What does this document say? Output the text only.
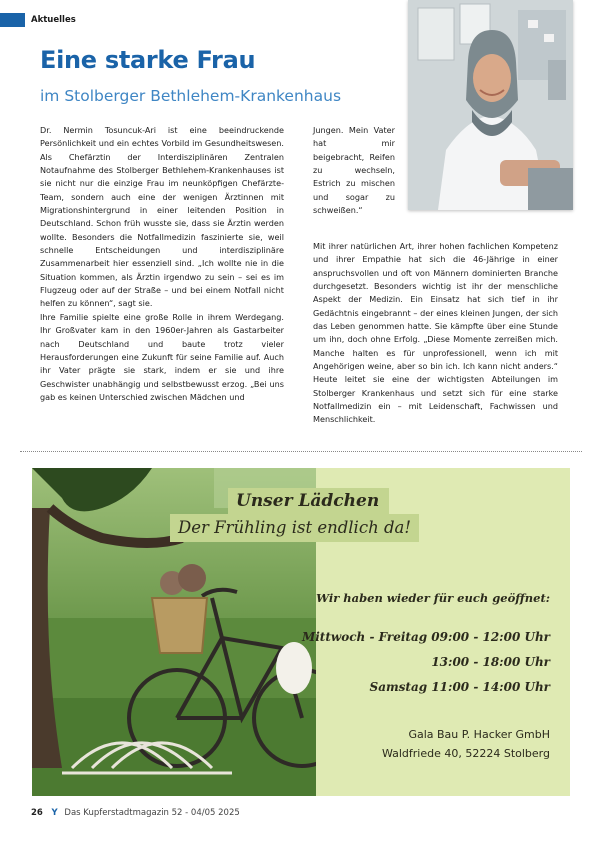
Aktuelles
Eine starke Frau
im Stolberger Bethlehem-Krankenhaus

Dr. Nermin Tosuncuk-Ari ist eine beeindruckende Persönlichkeit und ein echtes Vorbild im Gesundheitswesen. Als Chefärztin der Interdisziplinären Zentralen Notaufnahme des Stolberger Bethlehem-Krankenhauses ist sie nicht nur die einzige Frau im neunköpfigen Chefärzte-Team, sondern auch eine der wenigen Ärztinnen mit Migrationshintergrund in einer leitenden Position in Deutschland. Schon früh wusste sie, dass sie Ärztin werden wollte. Besonders die Notfallmedizin faszinierte sie, weil schnelle Entscheidungen und interdisziplinäre Zusammenarbeit hier essenziell sind. „Ich wollte nie in die Situation kommen, als Ärztin irgendwo zu sein – sei es im Flugzeug oder auf der Straße – und bei einem Notfall nicht helfen zu können“, sagt sie.

Ihre Familie spielte eine große Rolle in ihrem Werdegang. Ihr Großvater kam in den 1960er-Jahren als Gastarbeiter nach Deutschland und baute trotz vieler Herausforderungen eine Zukunft für seine Familie auf. Auch ihr Vater prägte sie stark, indem er sie und ihre Geschwister unabhängig und selbstbewusst erzog. „Bei uns gab es keinen Unterschied zwischen Mädchen und

Jungen. Mein Vater hat mir beigebracht, Reifen zu wechseln, Estrich zu mischen und sogar zu schweißen.“

Mit ihrer natürlichen Art, ihrer hohen fachlichen Kompetenz und ihrer Empathie hat sich die 46-Jährige in einer anspruchsvollen und oft von Männern dominierten Branche durchgesetzt. Besonders wichtig ist ihr der menschliche Aspekt der Medizin. Ein Einsatz hat sich tief in ihr Gedächtnis eingebrannt – der eines kleinen Jungen, der sich das Leben genommen hatte. Sie kämpfte über eine Stunde um ihn, doch ohne Erfolg. „Diese Momente zerreißen mich. Manche halten es für unprofessionell, wenn ich mit Angehörigen weine, aber so bin ich. Ich kann nicht anders.“ Heute leitet sie eine der wichtigsten Abteilungen im Stolberger Krankenhaus und setzt sich für eine starke Notfallmedizin ein – mit Leidenschaft, Fachwissen und Menschlichkeit.

Unser Lädchen
Der Frühling ist endlich da!
Wir haben wieder für euch geöffnet:
Mittwoch - Freitag 09:00 - 12:00 Uhr
13:00 - 18:00 Uhr
Samstag 11:00 - 14:00 Uhr
Gala Bau P. Hacker GmbH
Waldfriede 40, 52224 Stolberg
26 Y Das Kupferstadtmagazin 52 - 04/05 2025
